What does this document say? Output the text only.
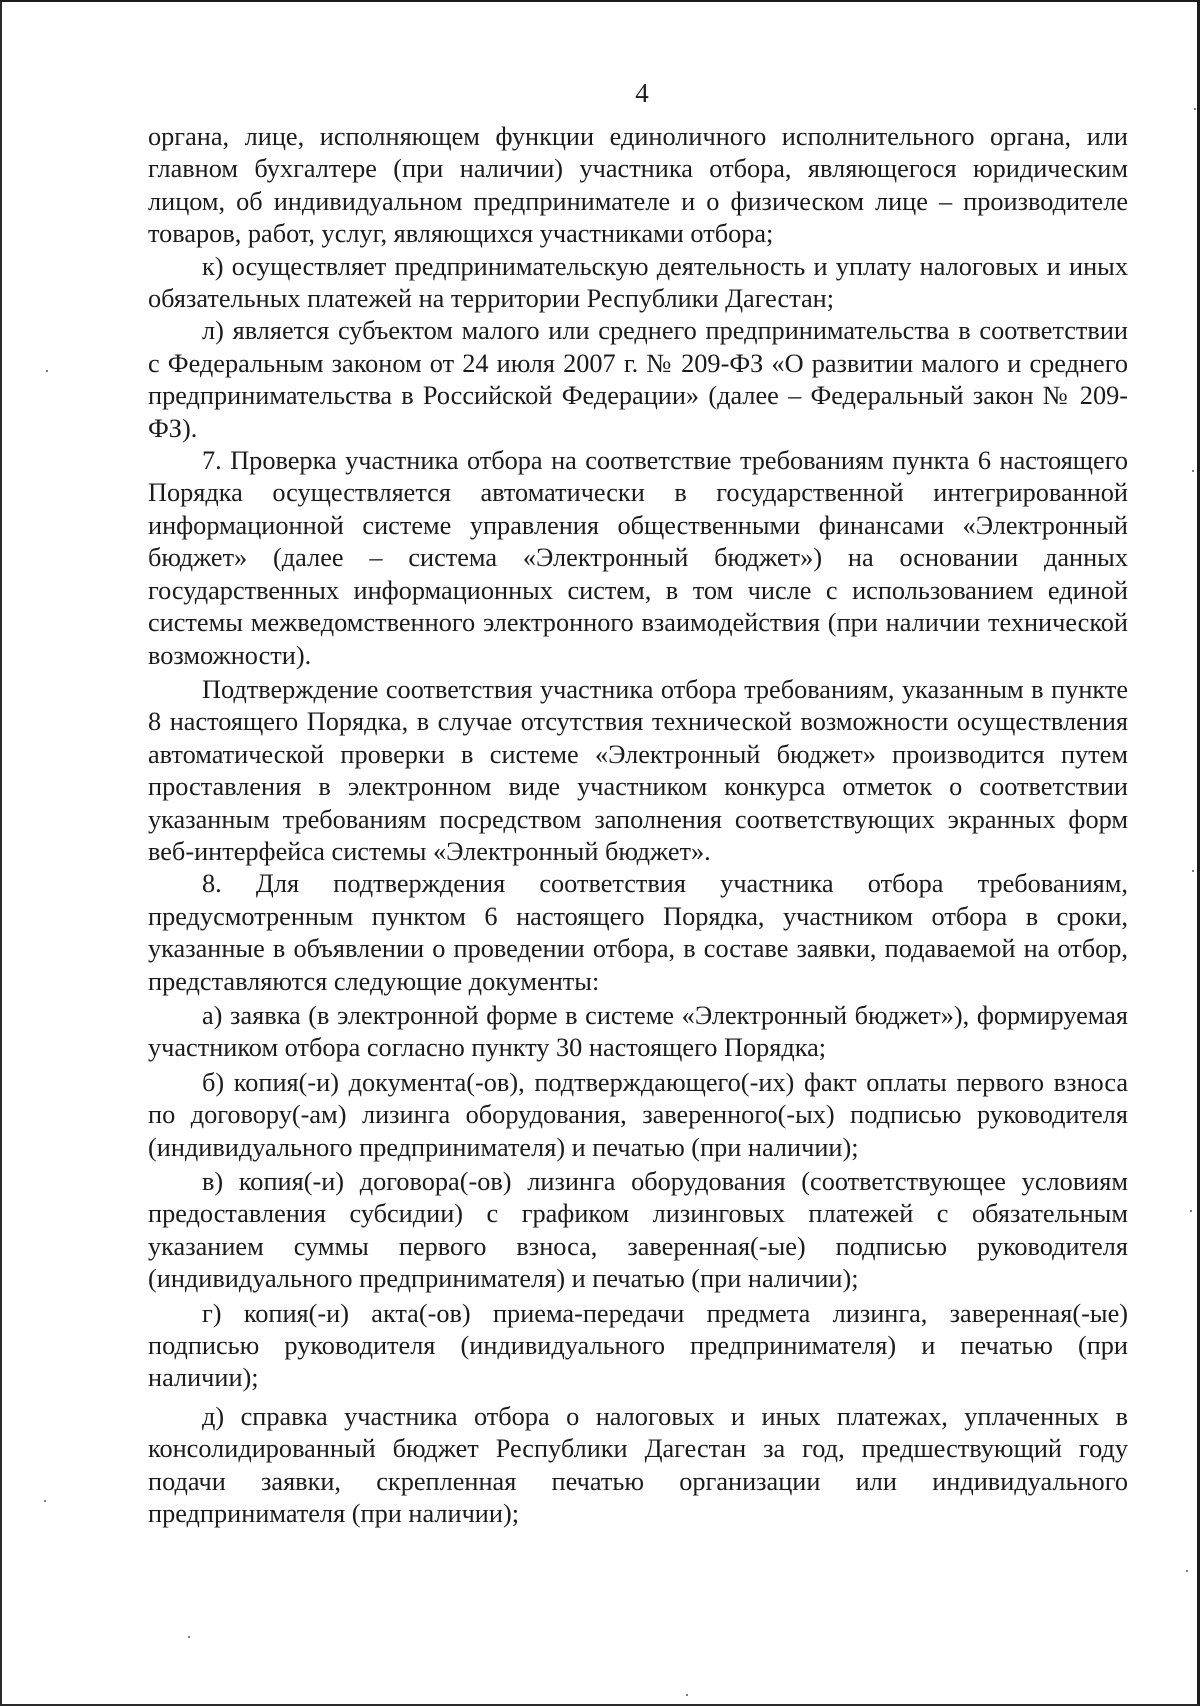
4

органа, лице, исполняющем функции единоличного исполнительного органа, или главном бухгалтере (при наличии) участника отбора, являющегося юридическим лицом, об индивидуальном предпринимателе и о физическом лице – производителе товаров, работ, услуг, являющихся участниками отбора;

к) осуществляет предпринимательскую деятельность и уплату налоговых и иных обязательных платежей на территории Республики Дагестан;

л) является субъектом малого или среднего предпринимательства в соответствии с Федеральным законом от 24 июля 2007 г. № 209-ФЗ «О развитии малого и среднего предпринимательства в Российской Федерации» (далее – Федеральный закон № 209-ФЗ).

7. Проверка участника отбора на соответствие требованиям пункта 6 настоящего Порядка осуществляется автоматически в государственной интегрированной информационной системе управления общественными финансами «Электронный бюджет» (далее – система «Электронный бюджет») на основании данных государственных информационных систем, в том числе с использованием единой системы межведомственного электронного взаимодействия (при наличии технической возможности).

Подтверждение соответствия участника отбора требованиям, указанным в пункте 8 настоящего Порядка, в случае отсутствия технической возможности осуществления автоматической проверки в системе «Электронный бюджет» производится путем проставления в электронном виде участником конкурса отметок о соответствии указанным требованиям посредством заполнения соответствующих экранных форм веб-интерфейса системы «Электронный бюджет».

8. Для подтверждения соответствия участника отбора требованиям, предусмотренным пунктом 6 настоящего Порядка, участником отбора в сроки, указанные в объявлении о проведении отбора, в составе заявки, подаваемой на отбор, представляются следующие документы:

а) заявка (в электронной форме в системе «Электронный бюджет»), формируемая участником отбора согласно пункту 30 настоящего Порядка;

б) копия(-и) документа(-ов), подтверждающего(-их) факт оплаты первого взноса по договору(-ам) лизинга оборудования, заверенного(-ых) подписью руководителя (индивидуального предпринимателя) и печатью (при наличии);

в) копия(-и) договора(-ов) лизинга оборудования (соответствующее условиям предоставления субсидии) с графиком лизинговых платежей с обязательным указанием суммы первого взноса, заверенная(-ые) подписью руководителя (индивидуального предпринимателя) и печатью (при наличии);

г) копия(-и) акта(-ов) приема-передачи предмета лизинга, заверенная(-ые) подписью руководителя (индивидуального предпринимателя) и печатью (при наличии);

д) справка участника отбора о налоговых и иных платежах, уплаченных в консолидированный бюджет Республики Дагестан за год, предшествующий году подачи заявки, скрепленная печатью организации или индивидуального предпринимателя (при наличии);
